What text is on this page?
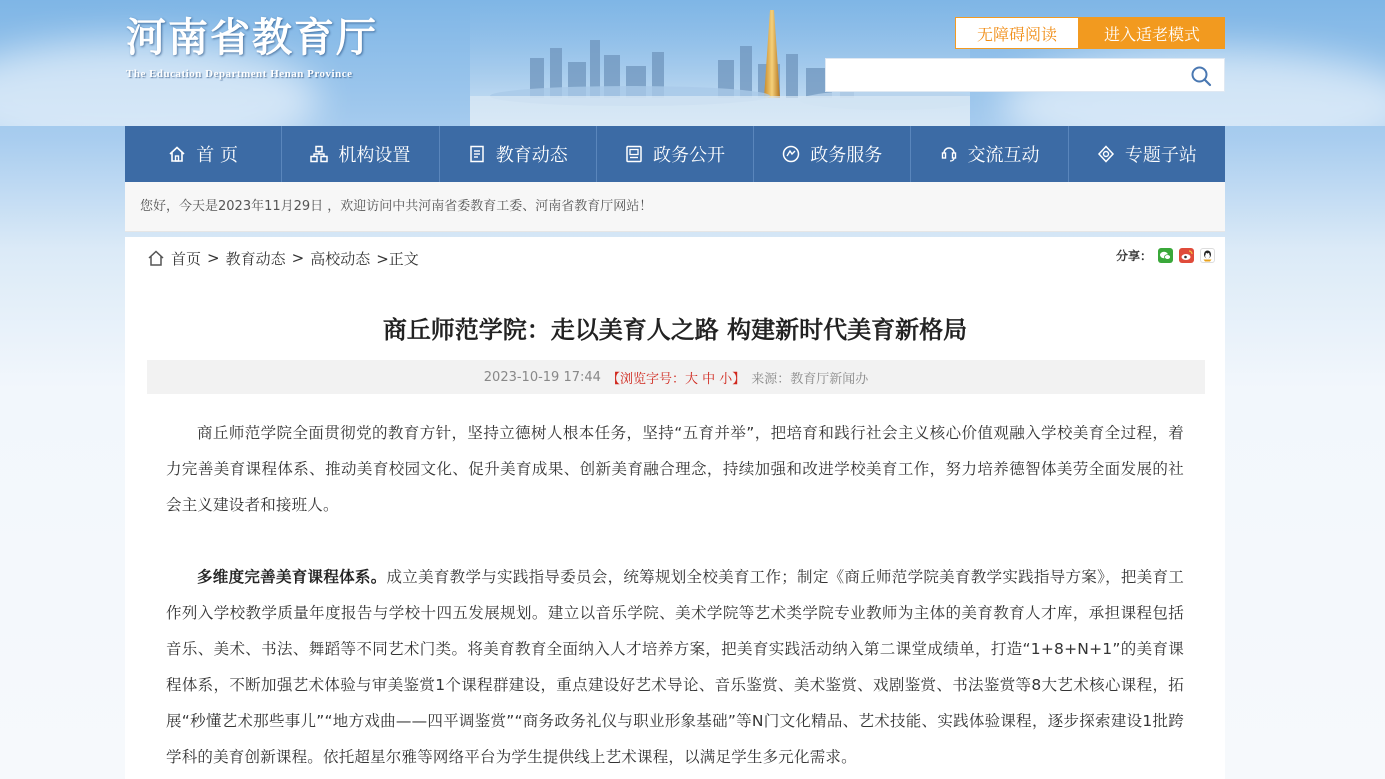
河南省教育厅
The Education Department Henan Province
无障碍阅读	进入适老模式
首 页	机构设置	教育动态	政务公开	政务服务	交流互动	专题子站
您好，今天是2023年11月29日 ，欢迎访问中共河南省委教育工委、河南省教育厅网站！
首页 > 教育动态 > 高校动态 >正文	分享：
商丘师范学院：走以美育人之路 构建新时代美育新格局
2023-10-19 17:44 【浏览字号：大 中 小】 来源：教育厅新闻办

商丘师范学院全面贯彻党的教育方针，坚持立德树人根本任务，坚持“五育并举”，把培育和践行社会主义核心价值观融入学校美育全过程，着力完善美育课程体系、推动美育校园文化、促升美育成果、创新美育融合理念，持续加强和改进学校美育工作，努力培养德智体美劳全面发展的社会主义建设者和接班人。

多维度完善美育课程体系。成立美育教学与实践指导委员会，统筹规划全校美育工作；制定《商丘师范学院美育教学实践指导方案》，把美育工作列入学校教学质量年度报告与学校十四五发展规划。建立以音乐学院、美术学院等艺术类学院专业教师为主体的美育教育人才库，承担课程包括音乐、美术、书法、舞蹈等不同艺术门类。将美育教育全面纳入人才培养方案，把美育实践活动纳入第二课堂成绩单，打造“1+8+N+1”的美育课程体系，不断加强艺术体验与审美鉴赏1个课程群建设，重点建设好艺术导论、音乐鉴赏、美术鉴赏、戏剧鉴赏、书法鉴赏等8大艺术核心课程，拓展“秒懂艺术那些事儿”“地方戏曲——四平调鉴赏”“商务政务礼仪与职业形象基础”等N门文化精品、艺术技能、实践体验课程，逐步探索建设1批跨学科的美育创新课程。依托超星尔雅等网络平台为学生提供线上艺术课程，以满足学生多元化需求。
